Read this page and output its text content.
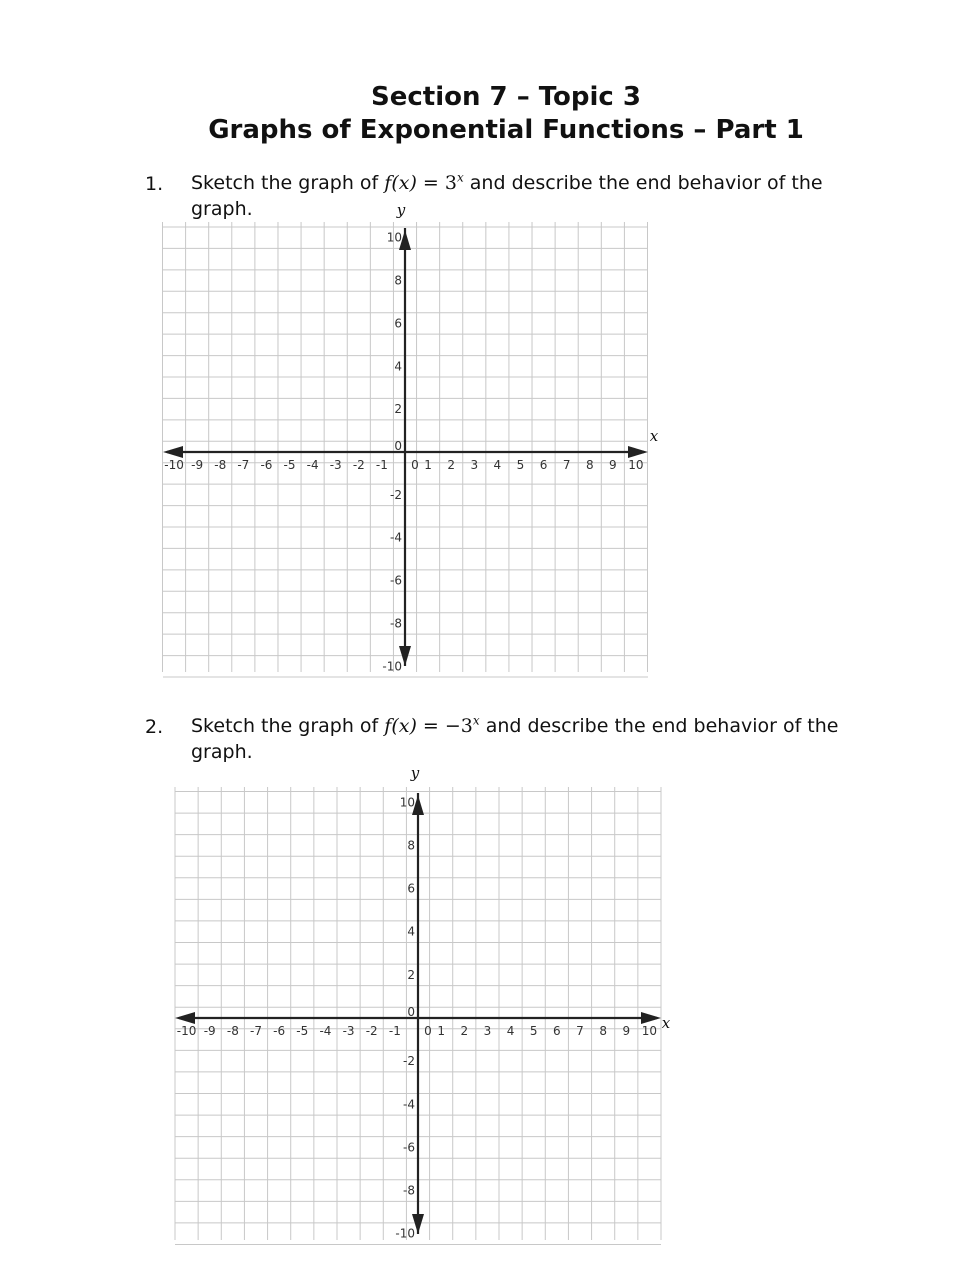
Section 7 – Topic 3
Graphs of Exponential Functions – Part 1
1. Sketch the graph of $f(x) = 3^x$ and describe the end behavior of the
graph.
-10 -9 -8 -7 -6 -5 -4 -3 -2 -1 0 1 2 3 4 5 6 7 8 9 10
10
8
6
4
2
0
-2
-4
-6
-8
-10
y
x
2. Sketch the graph of $f(x) = -3^x$ and describe the end behavior of the
graph.
-10 -9 -8 -7 -6 -5 -4 -3 -2 -1 0 1 2 3 4 5 6 7 8 9 10
10
8
6
4
2
0
-2
-4
-6
-8
-10
y
x
